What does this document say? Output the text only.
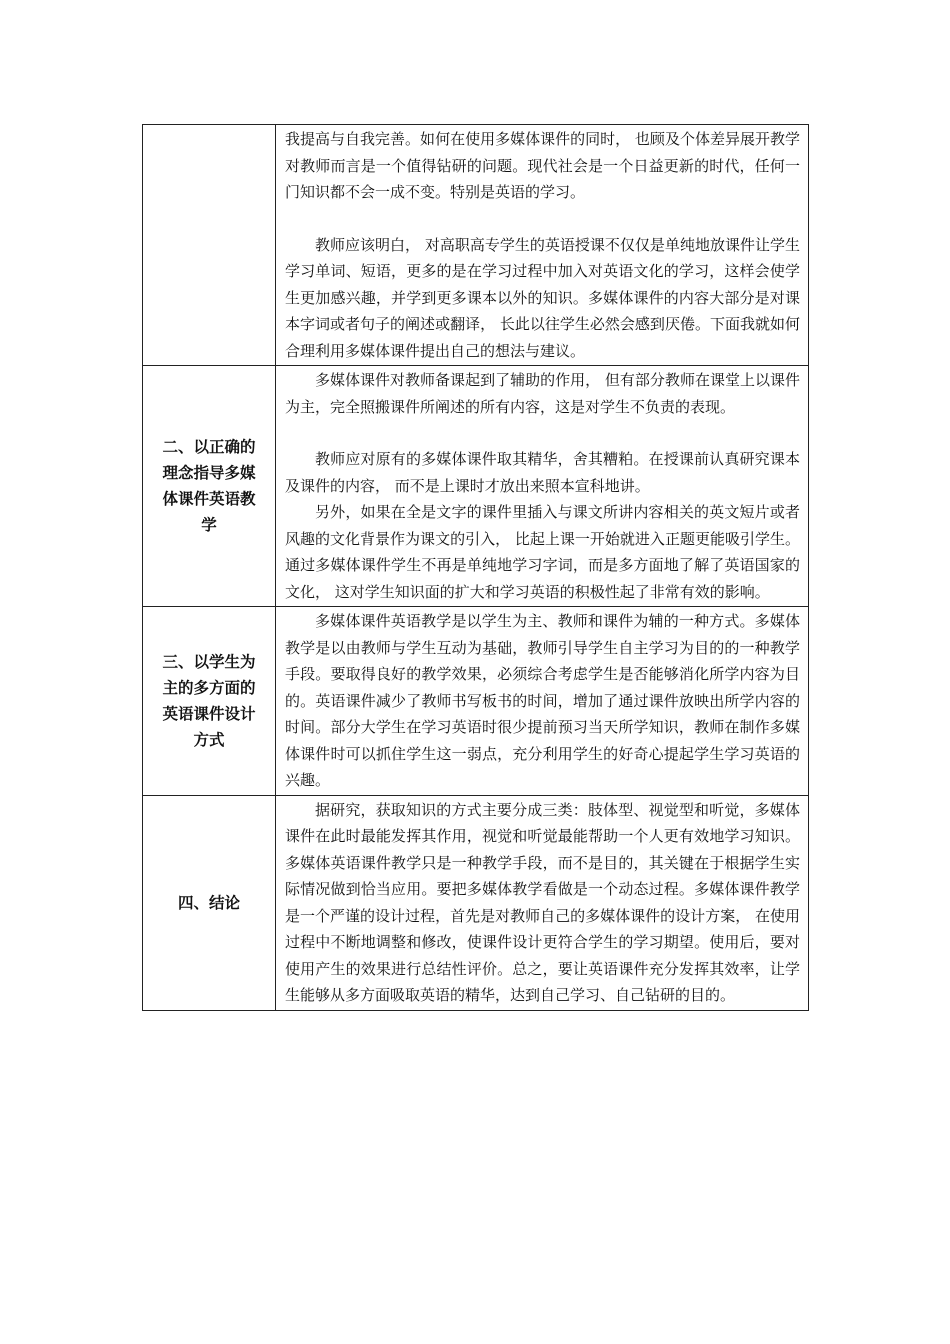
	我提高与自我完善。如何在使用多媒体课件的同时， 也顾及个体差异展开教学对教师而言是一个值得钻研的问题。现代社会是一个日益更新的时代，任何一门知识都不会一成不变。特别是英语的学习。

教师应该明白， 对高职高专学生的英语授课不仅仅是单纯地放课件让学生学习单词、短语，更多的是在学习过程中加入对英语文化的学习，这样会使学生更加感兴趣，并学到更多课本以外的知识。多媒体课件的内容大部分是对课本字词或者句子的阐述或翻译， 长此以往学生必然会感到厌倦。下面我就如何合理利用多媒体课件提出自己的想法与建议。

二、以正确的理念指导多媒体课件英语教学	多媒体课件对教师备课起到了辅助的作用， 但有部分教师在课堂上以课件为主，完全照搬课件所阐述的所有内容，这是对学生不负责的表现。

教师应对原有的多媒体课件取其精华，舍其糟粕。在授课前认真研究课本及课件的内容， 而不是上课时才放出来照本宣科地讲。

另外，如果在全是文字的课件里插入与课文所讲内容相关的英文短片或者风趣的文化背景作为课文的引入， 比起上课一开始就进入正题更能吸引学生。通过多媒体课件学生不再是单纯地学习字词，而是多方面地了解了英语国家的文化， 这对学生知识面的扩大和学习英语的积极性起了非常有效的影响。

三、以学生为主的多方面的英语课件设计方式	多媒体课件英语教学是以学生为主、教师和课件为辅的一种方式。多媒体教学是以由教师与学生互动为基础，教师引导学生自主学习为目的的一种教学手段。要取得良好的教学效果，必须综合考虑学生是否能够消化所学内容为目的。英语课件减少了教师书写板书的时间，增加了通过课件放映出所学内容的时间。部分大学生在学习英语时很少提前预习当天所学知识，教师在制作多媒体课件时可以抓住学生这一弱点，充分利用学生的好奇心提起学生学习英语的兴趣。

四、结论	据研究，获取知识的方式主要分成三类：肢体型、视觉型和听觉，多媒体课件在此时最能发挥其作用，视觉和听觉最能帮助一个人更有效地学习知识。多媒体英语课件教学只是一种教学手段，而不是目的，其关键在于根据学生实际情况做到恰当应用。要把多媒体教学看做是一个动态过程。多媒体课件教学是一个严谨的设计过程，首先是对教师自己的多媒体课件的设计方案， 在使用过程中不断地调整和修改，使课件设计更符合学生的学习期望。使用后，要对使用产生的效果进行总结性评价。总之，要让英语课件充分发挥其效率，让学生能够从多方面吸取英语的精华，达到自己学习、自己钻研的目的。
